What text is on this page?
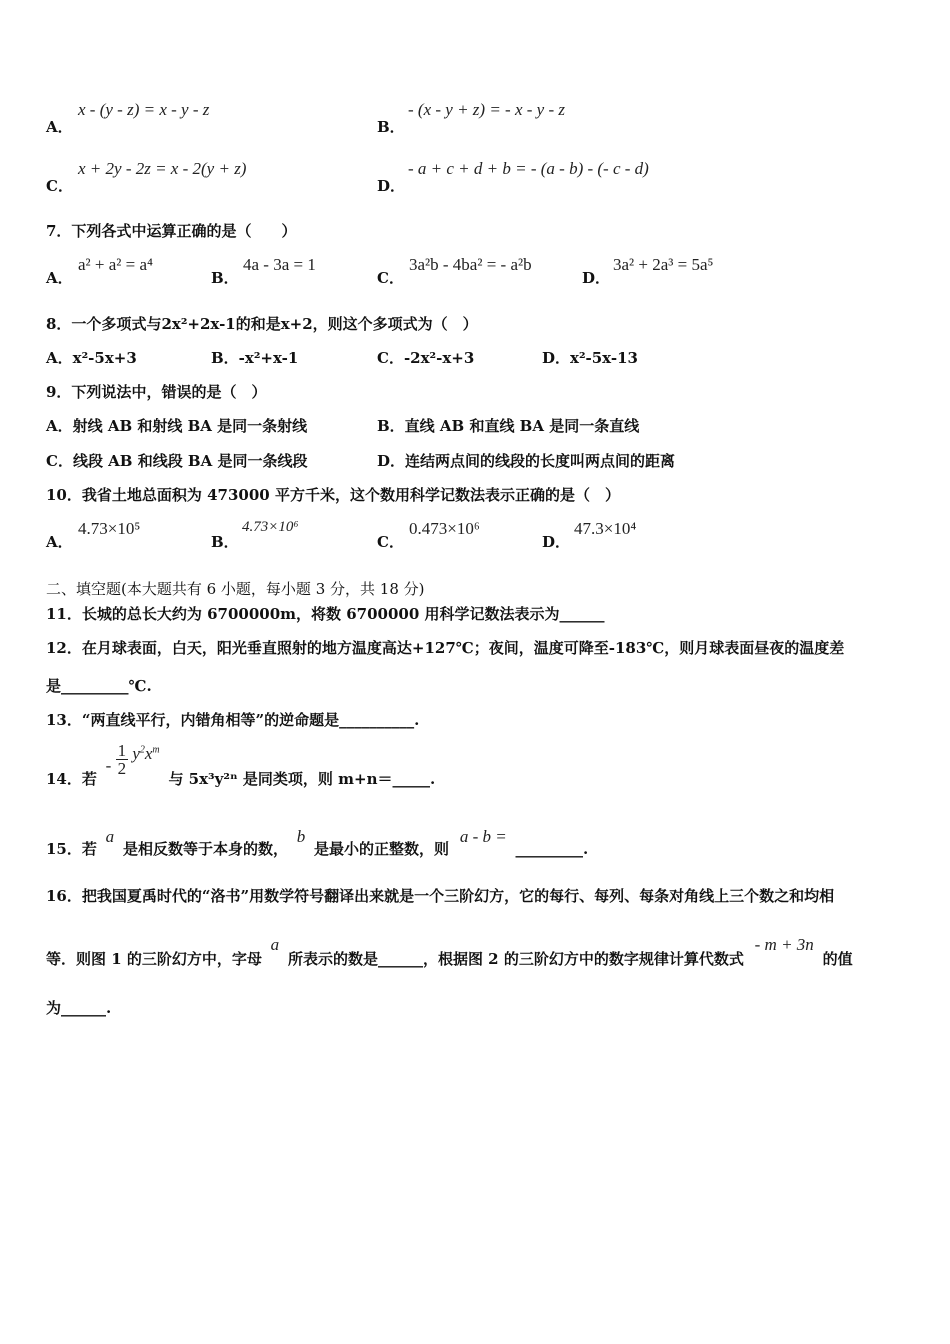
A．
x - (y - z) = x - y - z
B．
- (x - y + z) = - x - y - z
C．
x + 2y - 2z = x - 2(y + z)
D．
- a + c + d + b = - (a - b) - (- c - d)
7．下列各式中运算正确的是（　　）
A．
a² + a² = a⁴
B．
4a - 3a = 1
C．
3a²b - 4ba² = - a²b
D．
3a² + 2a³ = 5a⁵
8．一个多项式与2x²+2x-1的和是x+2，则这个多项式为（　）
A．x²-5x+3	B．-x²+x-1	C．-2x²-x+3	D．x²-5x-13
9．下列说法中，错误的是（　）
A．射线 AB 和射线 BA 是同一条射线	B．直线 AB 和直线 BA 是同一条直线
C．线段 AB 和线段 BA 是同一条线段	D．连结两点间的线段的长度叫两点间的距离
10．我省土地总面积为 473000 平方千米，这个数用科学记数法表示正确的是（　）
A．
4.73×10⁵
B．
4.73×10⁶
C．
0.473×10⁶
D．
47.3×10⁴
二、填空题(本大题共有 6 小题，每小题 3 分，共 18 分)
11．长城的总长大约为 6700000m，将数 6700000 用科学记数法表示为______
12．在月球表面，白天，阳光垂直照射的地方温度高达+127℃；夜间，温度可降至-183℃，则月球表面昼夜的温度差
是_________℃.
13．“两直线平行，内错角相等”的逆命题是__________.
14．若 - $\frac{1}{2} y^2x^m$ 与 5x³y²ⁿ 是同类项，则 m+n＝_____.
15．若 a 是相反数等于本身的数， b 是最小的正整数，则 a - b = _________.
16．把我国夏禹时代的“洛书”用数学符号翻译出来就是一个三阶幻方，它的每行、每列、每条对角线上三个数之和均相
等．则图 1 的三阶幻方中，字母 a 所表示的数是______，根据图 2 的三阶幻方中的数字规律计算代数式 - m + 3n 的值
为______.
